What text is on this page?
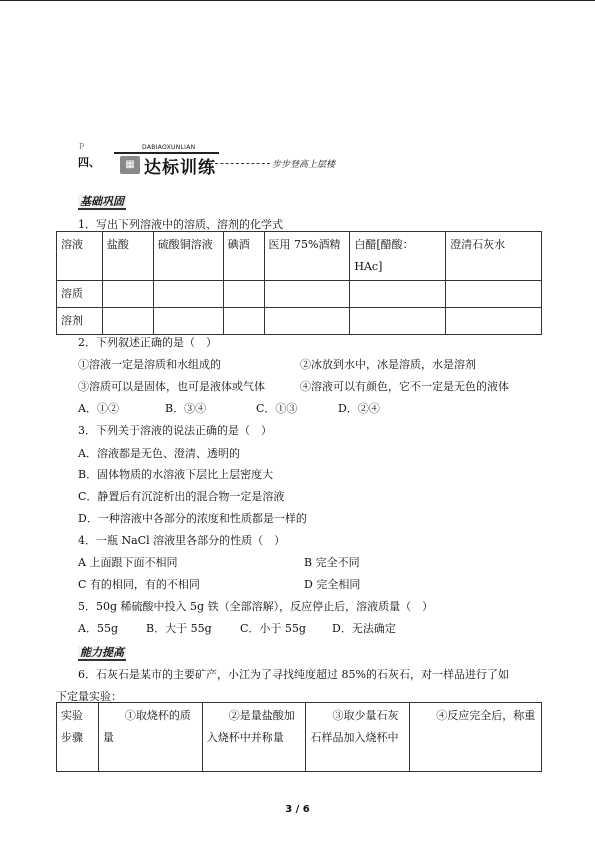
ｐ
四、
DABIAOXUNLIAN
▦ 达标训练	步步登高上层楼
基础巩固
1．写出下列溶液中的溶质、溶剂的化学式
溶液	盐酸	硫酸铜溶液	碘酒	医用 75%酒精	白醋[醋酸：HAc]	澄清石灰水
溶质						
溶剂						
2．下列叙述正确的是（　）
①溶液一定是溶质和水组成的	②冰放到水中，冰是溶质，水是溶剂
③溶质可以是固体，也可是液体或气体	④溶液可以有颜色，它不一定是无色的液体
A．①②	B．③④	C．①③	D．②④
3．下列关于溶液的说法正确的是（　）
A．溶液都是无色、澄清、透明的
B．固体物质的水溶液下层比上层密度大
C．静置后有沉淀析出的混合物一定是溶液
D．一种溶液中各部分的浓度和性质都是一样的
4．一瓶 NaCl 溶液里各部分的性质（　）
A 上面跟下面不相同	B 完全不同
C 有的相同，有的不相同	D 完全相同
5．50g 稀硫酸中投入 5g 铁（全部溶解），反应停止后，溶液质量（　）
A．55g	B．大于 55g	C．小于 55g D．无法确定
能力提高
6．石灰石是某市的主要矿产，小江为了寻找纯度超过 85%的石灰石，对一样品进行了如
下定量实验：
实验步骤	①取烧杯的质量	②是量盐酸加入烧杯中并称量	③取少量石灰石样品加入烧杯中	④反应完全后，称重
3 / 6
